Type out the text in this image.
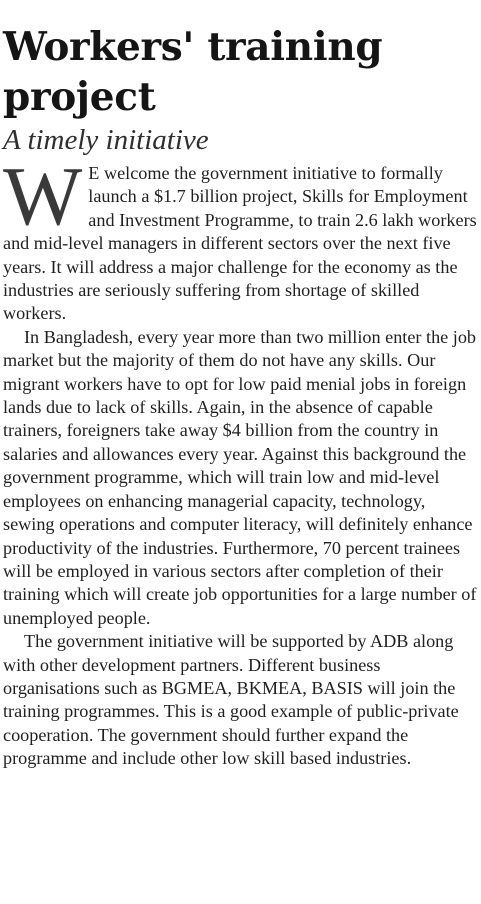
Workers' training
project
A timely initiative

W E welcome the government initiative to formally launch a $1.7 billion project, Skills for Employment and Investment Programme, to train 2.6 lakh workers and mid-level managers in different sectors over the next five years. It will address a major challenge for the economy as the industries are seriously suffering from shortage of skilled workers.

In Bangladesh, every year more than two million enter the job market but the majority of them do not have any skills. Our migrant workers have to opt for low paid menial jobs in foreign lands due to lack of skills. Again, in the absence of capable trainers, foreigners take away $4 billion from the country in salaries and allowances every year. Against this background the government programme, which will train low and mid-level employees on enhancing managerial capacity, technology, sewing operations and computer literacy, will definitely enhance productivity of the industries. Furthermore, 70 percent trainees will be employed in various sectors after completion of their training which will create job opportunities for a large number of unemployed people.

The government initiative will be supported by ADB along with other development partners. Different business organisations such as BGMEA, BKMEA, BASIS will join the training programmes. This is a good example of public-private cooperation. The government should further expand the programme and include other low skill based industries.
